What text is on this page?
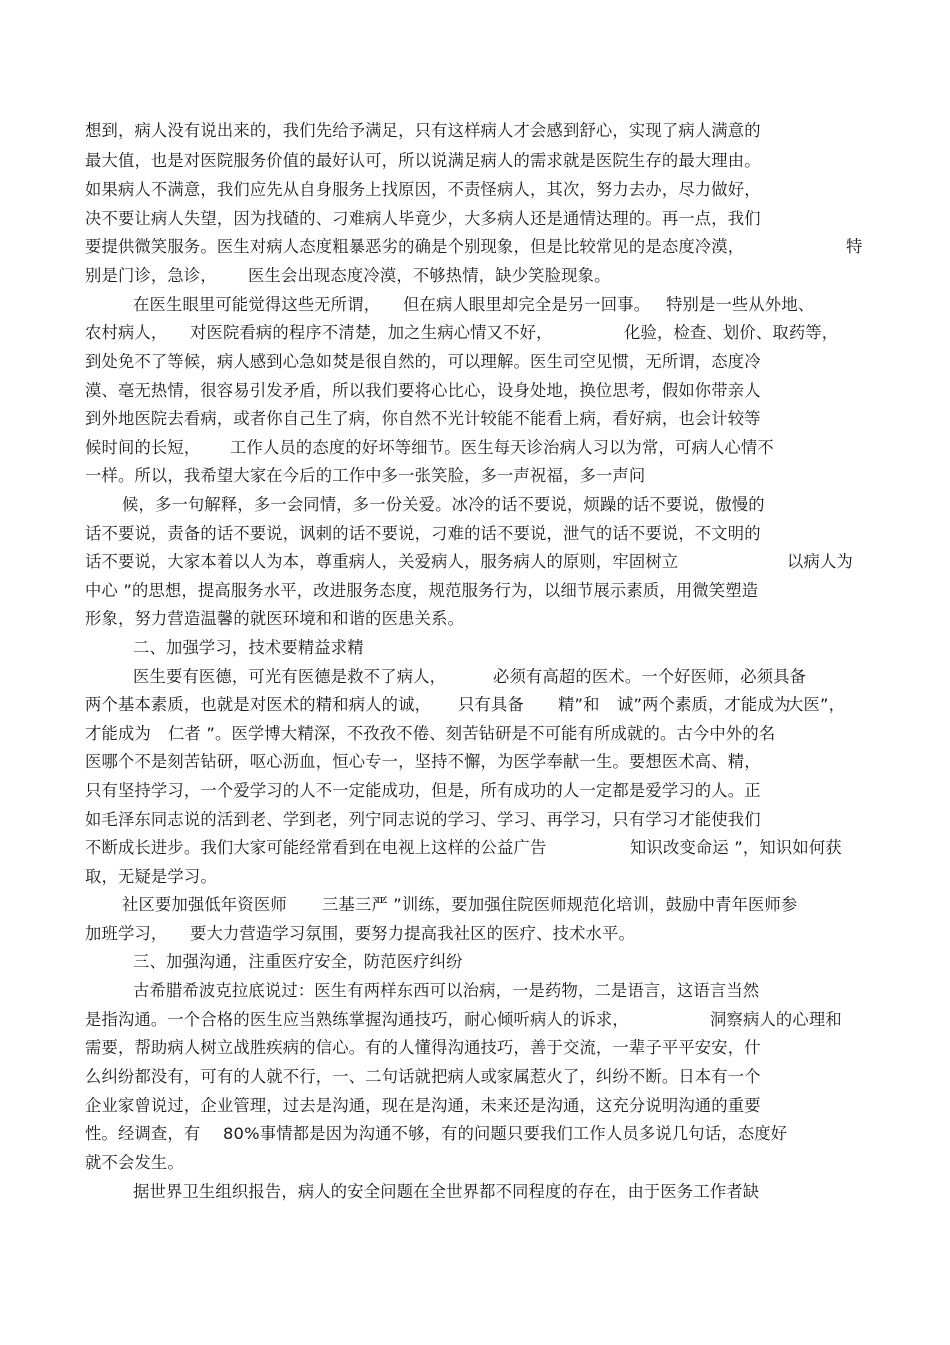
想到，病人没有说出来的，我们先给予满足，只有这样病人才会感到舒心，实现了病人满意的
最大值，也是对医院服务价值的最好认可，所以说满足病人的需求就是医院生存的最大理由。
如果病人不满意，我们应先从自身服务上找原因，不责怪病人，其次，努力去办，尽力做好，
决不要让病人失望，因为找碴的、刁难病人毕竟少，大多病人还是通情达理的。再一点，我们
要提供微笑服务。医生对病人态度粗暴恶劣的确是个别现象，但是比较常见的是态度冷漠，	特
别是门诊，急诊， 医生会出现态度冷漠，不够热情，缺少笑脸现象。
在医生眼里可能觉得这些无所谓， 但在病人眼里却完全是另一回事。 特别是一些从外地、
农村病人， 对医院看病的程序不清楚，加之生病心情又不好，	化验，检查、划价、取药等，
到处免不了等候，病人感到心急如焚是很自然的，可以理解。医生司空见惯，无所谓，态度冷
漠、毫无热情，很容易引发矛盾，所以我们要将心比心，设身处地，换位思考，假如你带亲人
到外地医院去看病，或者你自己生了病，你自然不光计较能不能看上病，看好病，也会计较等
候时间的长短， 工作人员的态度的好坏等细节。医生每天诊治病人习以为常，可病人心情不
一样。所以，我希望大家在今后的工作中多一张笑脸，多一声祝福，多一声问
候，多一句解释，多一会同情，多一份关爱。冰冷的话不要说，烦躁的话不要说，傲慢的
话不要说，责备的话不要说，讽刺的话不要说，刁难的话不要说，泄气的话不要说，不文明的
话不要说，大家本着以人为本，尊重病人，关爱病人，服务病人的原则，牢固树立	以病人为
中心 ”的思想，提高服务水平，改进服务态度，规范服务行为，以细节展示素质，用微笑塑造
形象，努力营造温馨的就医环境和和谐的医患关系。
二、加强学习，技术要精益求精
医生要有医德，可光有医德是救不了病人，	必须有高超的医术。一个好医师，必须具备
两个基本素质，也就是对医术的精和病人的诚， 只有具备 精”和 诚”两个素质，才能成为
大医”，
才能成为 仁者 ”。医学博大精深，不孜孜不倦、刻苦钻研是不可能有所成就的。古今中外的名
医哪个不是刻苦钻研，呕心沥血，恒心专一，坚持不懈，为医学奉献一生。要想医术高、精，
只有坚持学习，一个爱学习的人不一定能成功，但是，所有成功的人一定都是爱学习的人。正
如毛泽东同志说的活到老、学到老，列宁同志说的学习、学习、再学习，只有学习才能使我们
不断成长进步。我们大家可能经常看到在电视上这样的公益广告	知识改变命运 ”，知识如何获
取，无疑是学习。
社区要加强低年资医师 三基三严 ”训练，要加强住院医师规范化培训，鼓励中青年医师参
加班学习， 要大力营造学习氛围，要努力提高我社区的医疗、技术水平。
三、加强沟通，注重医疗安全，防范医疗纠纷
古希腊希波克拉底说过：医生有两样东西可以治病，一是药物，二是语言，这语言当然
是指沟通。一个合格的医生应当熟练掌握沟通技巧，耐心倾听病人的诉求，	洞察病人的心理和
需要，帮助病人树立战胜疾病的信心。有的人懂得沟通技巧，善于交流，一辈子平平安安，什
么纠纷都没有，可有的人就不行，一、二句话就把病人或家属惹火了，纠纷不断。日本有一个
企业家曾说过，企业管理，过去是沟通，现在是沟通，未来还是沟通，这充分说明沟通的重要
性。经调查，有 80%事情都是因为沟通不够，有的问题只要我们工作人员多说几句话，态度好
就不会发生。
据世界卫生组织报告，病人的安全问题在全世界都不同程度的存在，由于医务工作者缺
